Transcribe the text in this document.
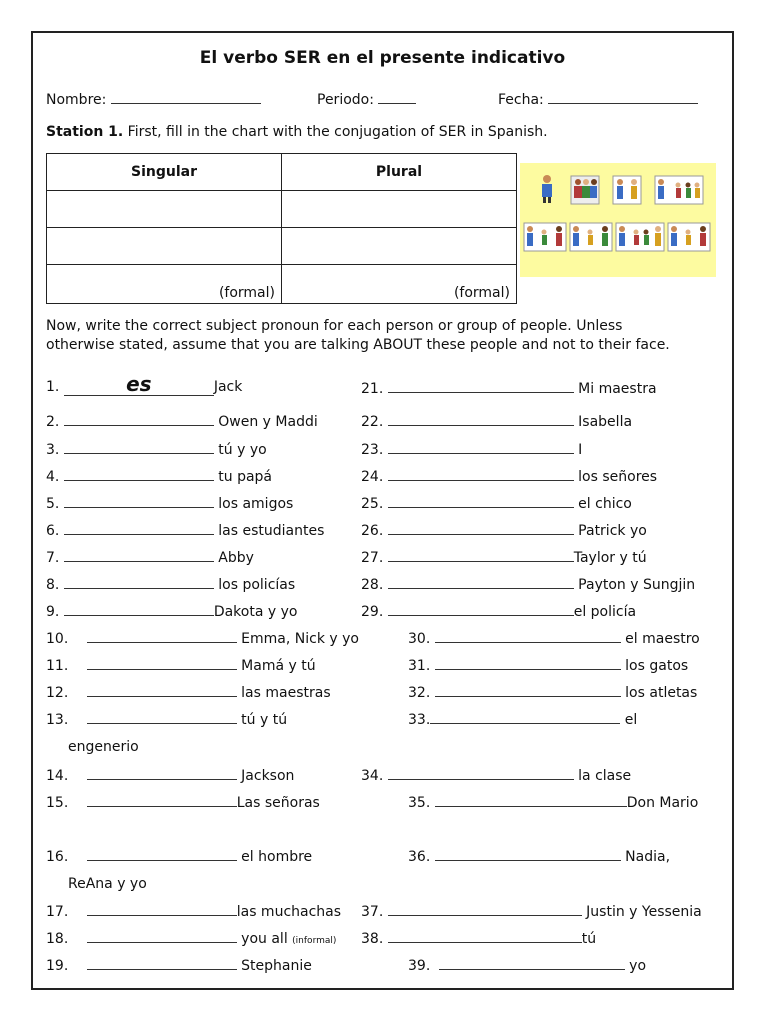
El verbo SER en el presente indicativo
Nombre:	Periodo:	Fecha:
Station 1. First, fill in the chart with the conjugation of SER in Spanish.
Singular	Plural

(formal)	(formal)
Now, write the correct subject pronoun for each person or group of people. Unless
otherwise stated, assume that you are talking ABOUT these people and not to their face.
1.	es	Jack
2.	Owen y Maddi
3.	tú y yo
4.	tu papá
5.	los amigos
6.	las estudiantes
7.	Abby
8.	los policías
9.	Dakota y yo
10.	Emma, Nick y yo
11.	Mamá y tú
12.	las maestras
13.	tú y tú
engenerio
14.	Jackson
15.	Las señoras
16.	el hombre
ReAna y yo
17.	las muchachas
18.	you all (informal)
19.	Stephanie
21.	Mi maestra
22.	Isabella
23.	I
24.	los señores
25.	el chico
26.	Patrick yo
27.	Taylor y tú
28.	Payton y Sungjin
29.	el policía
30.	el maestro
31.	los gatos
32.	los atletas
33.	el
34.	la clase
35.	Don Mario
36.	Nadia,
37.	Justin y Yessenia
38.	tú
39.	yo
